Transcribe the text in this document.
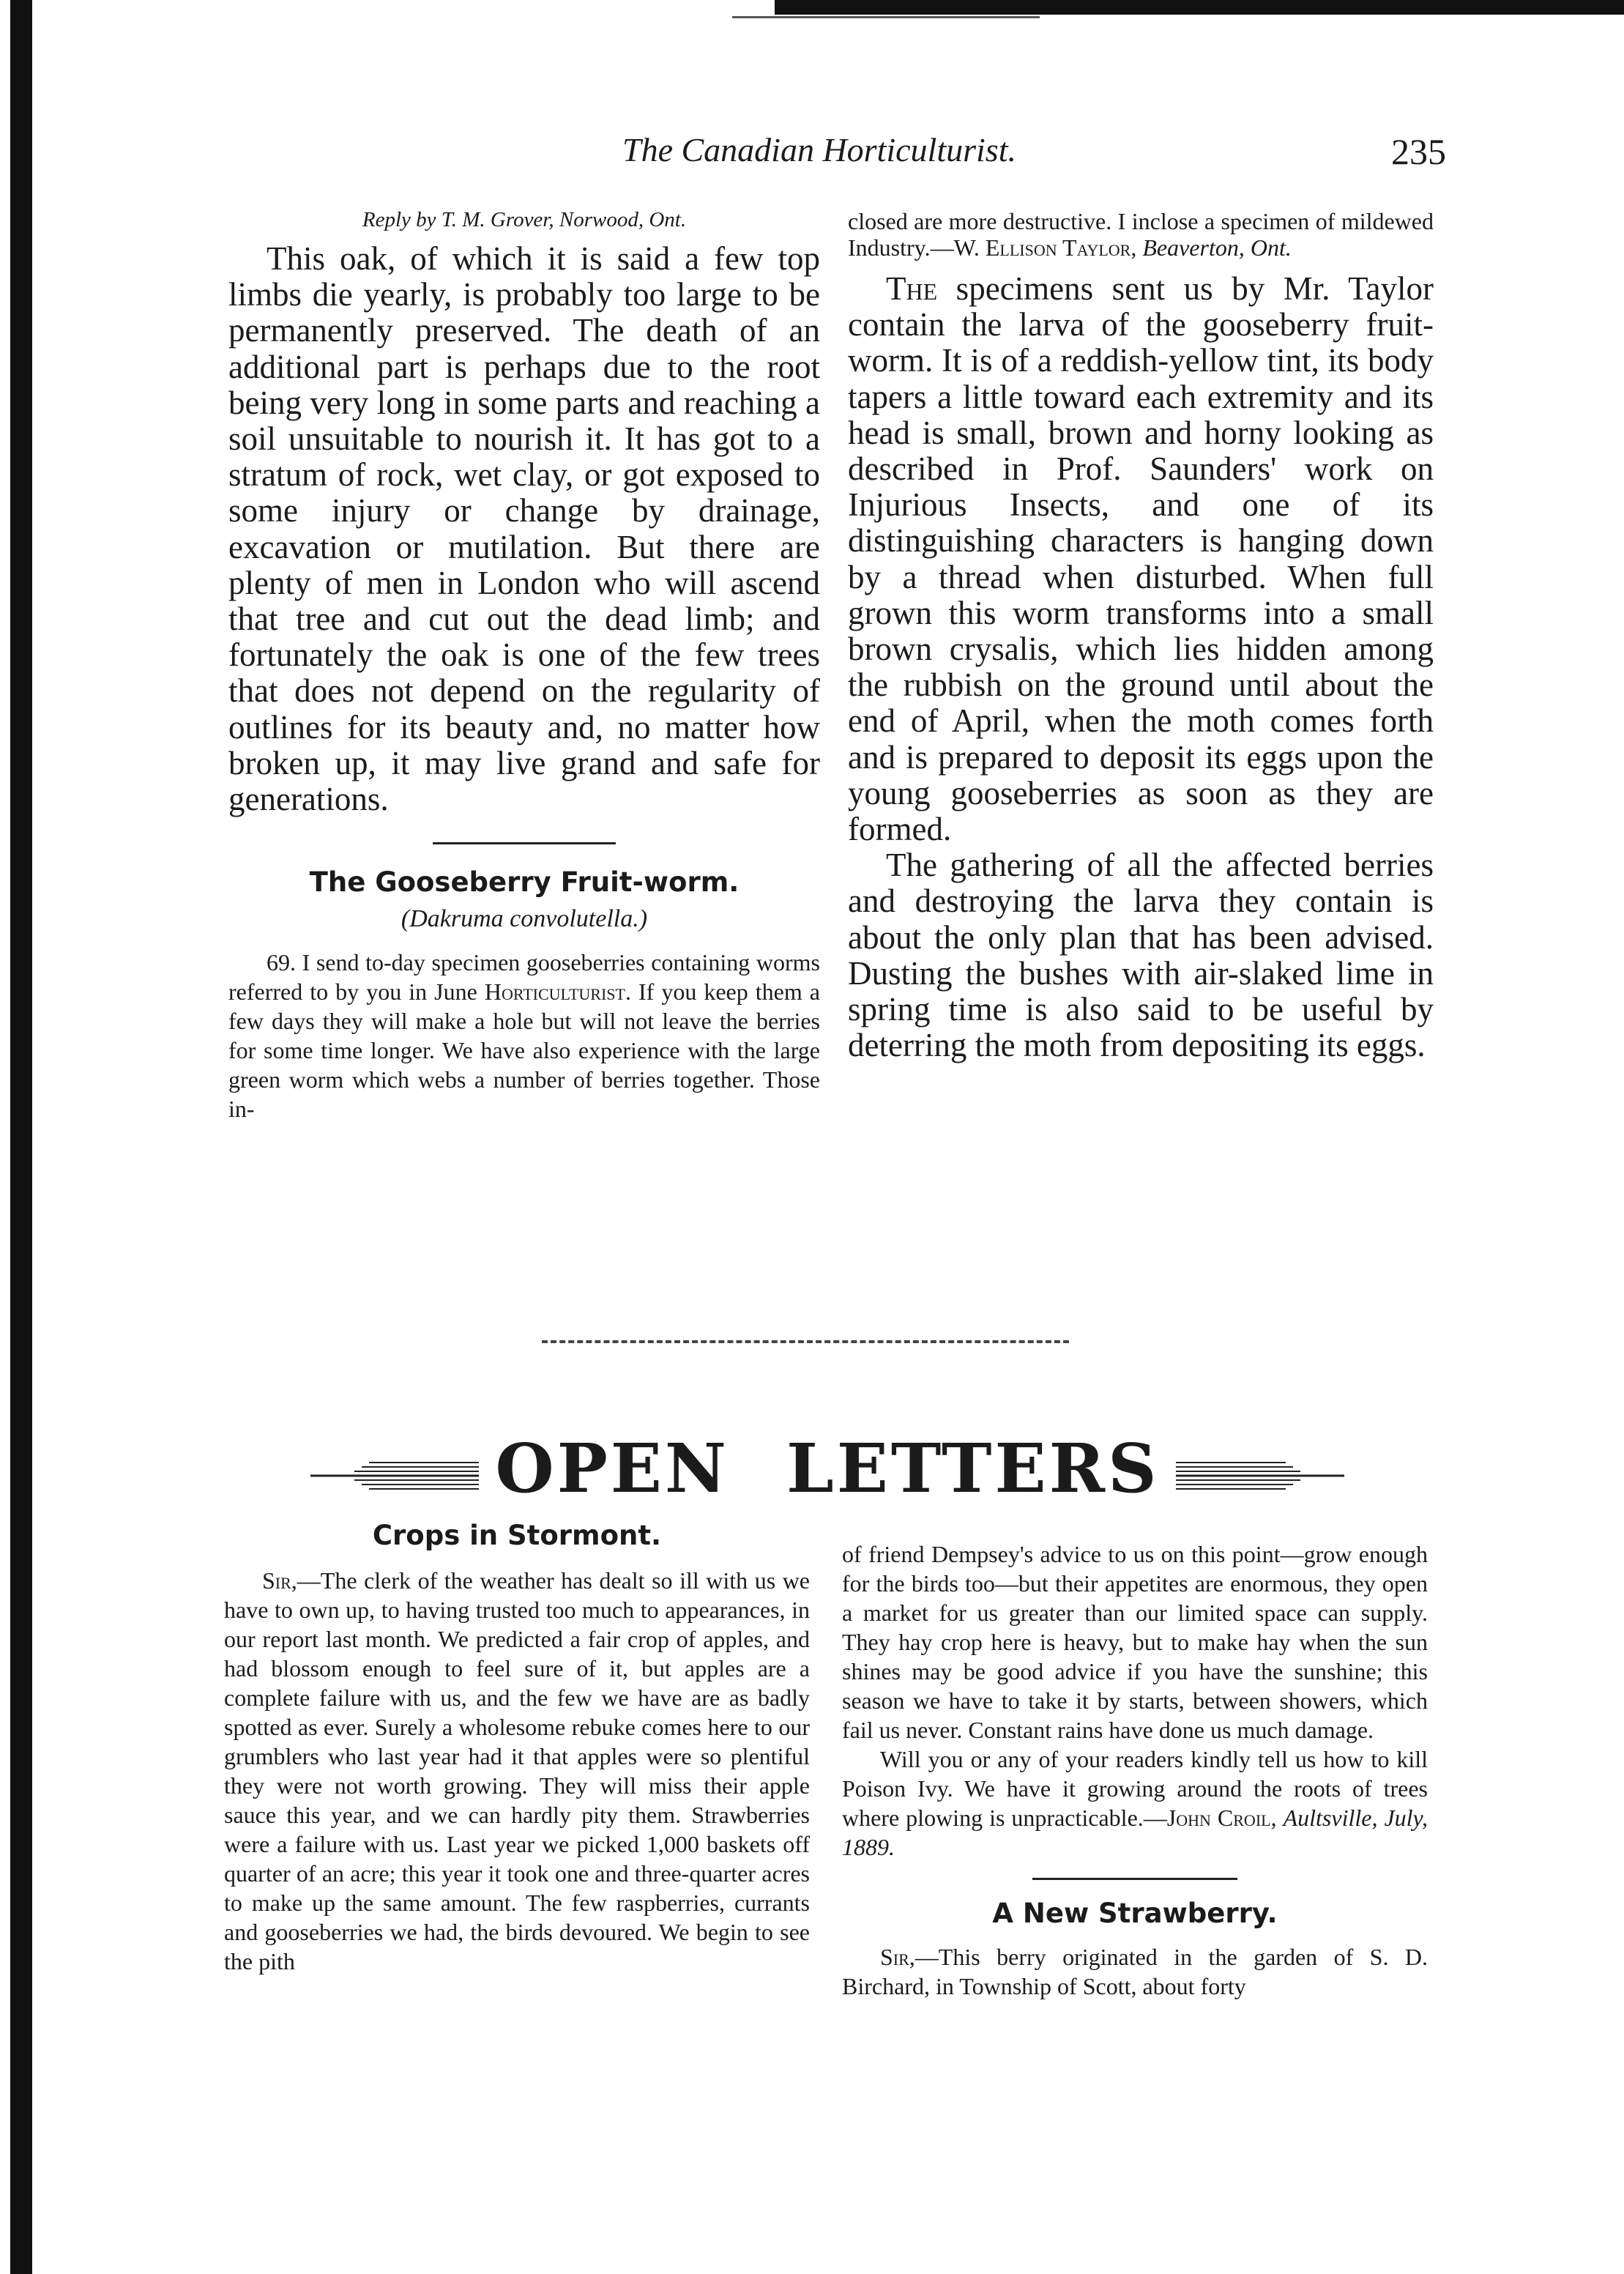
The Canadian Horticulturist.	235

Reply by T. M. Grover, Norwood, Ont.

This oak, of which it is said a few top limbs die yearly, is probably too large to be permanently preserved. The death of an additional part is perhaps due to the root being very long in some parts and reaching a soil unsuitable to nourish it. It has got to a stratum of rock, wet clay, or got exposed to some injury or change by drainage, excavation or mutilation. But there are plenty of men in London who will ascend that tree and cut out the dead limb; and fortunately the oak is one of the few trees that does not depend on the regularity of outlines for its beauty and, no matter how broken up, it may live grand and safe for generations.

The Gooseberry Fruit-worm.

(Dakruma convolutella.)

69. I send to-day specimen gooseberries containing worms referred to by you in June Horticulturist. If you keep them a few days they will make a hole but will not leave the berries for some time longer. We have also experience with the large green worm which webs a number of berries together. Those in-

closed are more destructive. I inclose a specimen of mildewed Industry.—W. Ellison Taylor, Beaverton, Ont.

The specimens sent us by Mr. Taylor contain the larva of the gooseberry fruit-worm. It is of a reddish-yellow tint, its body tapers a little toward each extremity and its head is small, brown and horny looking as described in Prof. Saunders' work on Injurious Insects, and one of its distinguishing characters is hanging down by a thread when disturbed. When full grown this worm transforms into a small brown crysalis, which lies hidden among the rubbish on the ground until about the end of April, when the moth comes forth and is prepared to deposit its eggs upon the young gooseberries as soon as they are formed.

The gathering of all the affected berries and destroying the larva they contain is about the only plan that has been advised. Dusting the bushes with air-slaked lime in spring time is also said to be useful by deterring the moth from depositing its eggs.

OPEN LETTERS

Crops in Stormont.

Sir,—The clerk of the weather has dealt so ill with us we have to own up, to having trusted too much to appearances, in our report last month. We predicted a fair crop of apples, and had blossom enough to feel sure of it, but apples are a complete failure with us, and the few we have are as badly spotted as ever. Surely a wholesome rebuke comes here to our grumblers who last year had it that apples were so plentiful they were not worth growing. They will miss their apple sauce this year, and we can hardly pity them. Strawberries were a failure with us. Last year we picked 1,000 baskets off quarter of an acre; this year it took one and three-quarter acres to make up the same amount. The few raspberries, currants and gooseberries we had, the birds devoured. We begin to see the pith

of friend Dempsey's advice to us on this point—grow enough for the birds too—but their appetites are enormous, they open a market for us greater than our limited space can supply. They hay crop here is heavy, but to make hay when the sun shines may be good advice if you have the sunshine; this season we have to take it by starts, between showers, which fail us never. Constant rains have done us much damage.

Will you or any of your readers kindly tell us how to kill Poison Ivy. We have it growing around the roots of trees where plowing is unpracticable.—John Croil, Aultsville, July, 1889.

A New Strawberry.

Sir,—This berry originated in the garden of S. D. Birchard, in Township of Scott, about forty
